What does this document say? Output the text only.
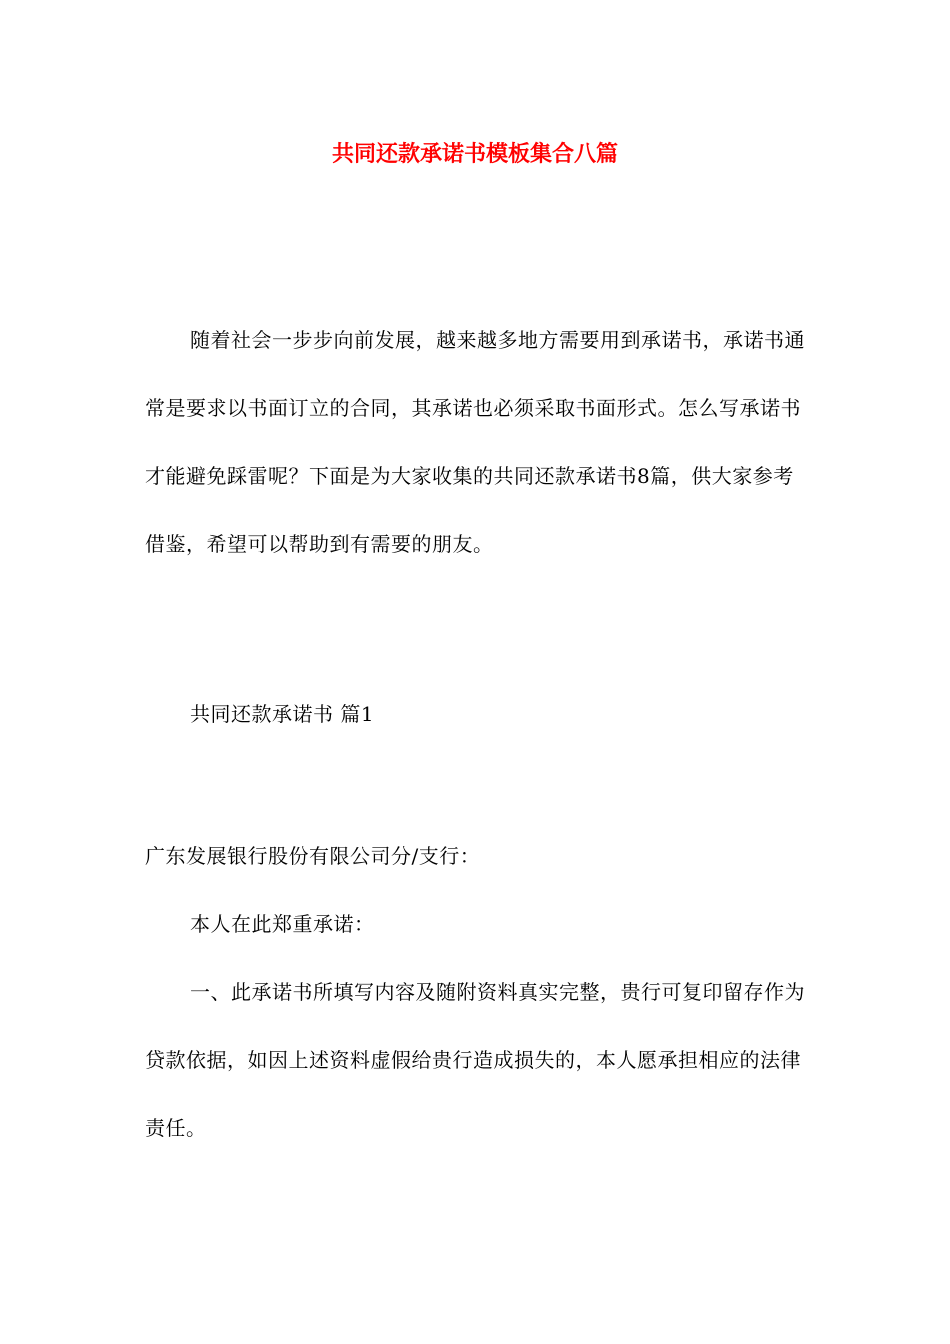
共同还款承诺书模板集合八篇

随着社会一步步向前发展，越来越多地方需要用到承诺书，承诺书通常是要求以书面订立的合同，其承诺也必须采取书面形式。怎么写承诺书才能避免踩雷呢？下面是为大家收集的共同还款承诺书8篇，供大家参考借鉴，希望可以帮助到有需要的朋友。

共同还款承诺书 篇1

广东发展银行股份有限公司分/支行：

本人在此郑重承诺：

一、此承诺书所填写内容及随附资料真实完整，贵行可复印留存作为贷款依据，如因上述资料虚假给贵行造成损失的，本人愿承担相应的法律责任。
